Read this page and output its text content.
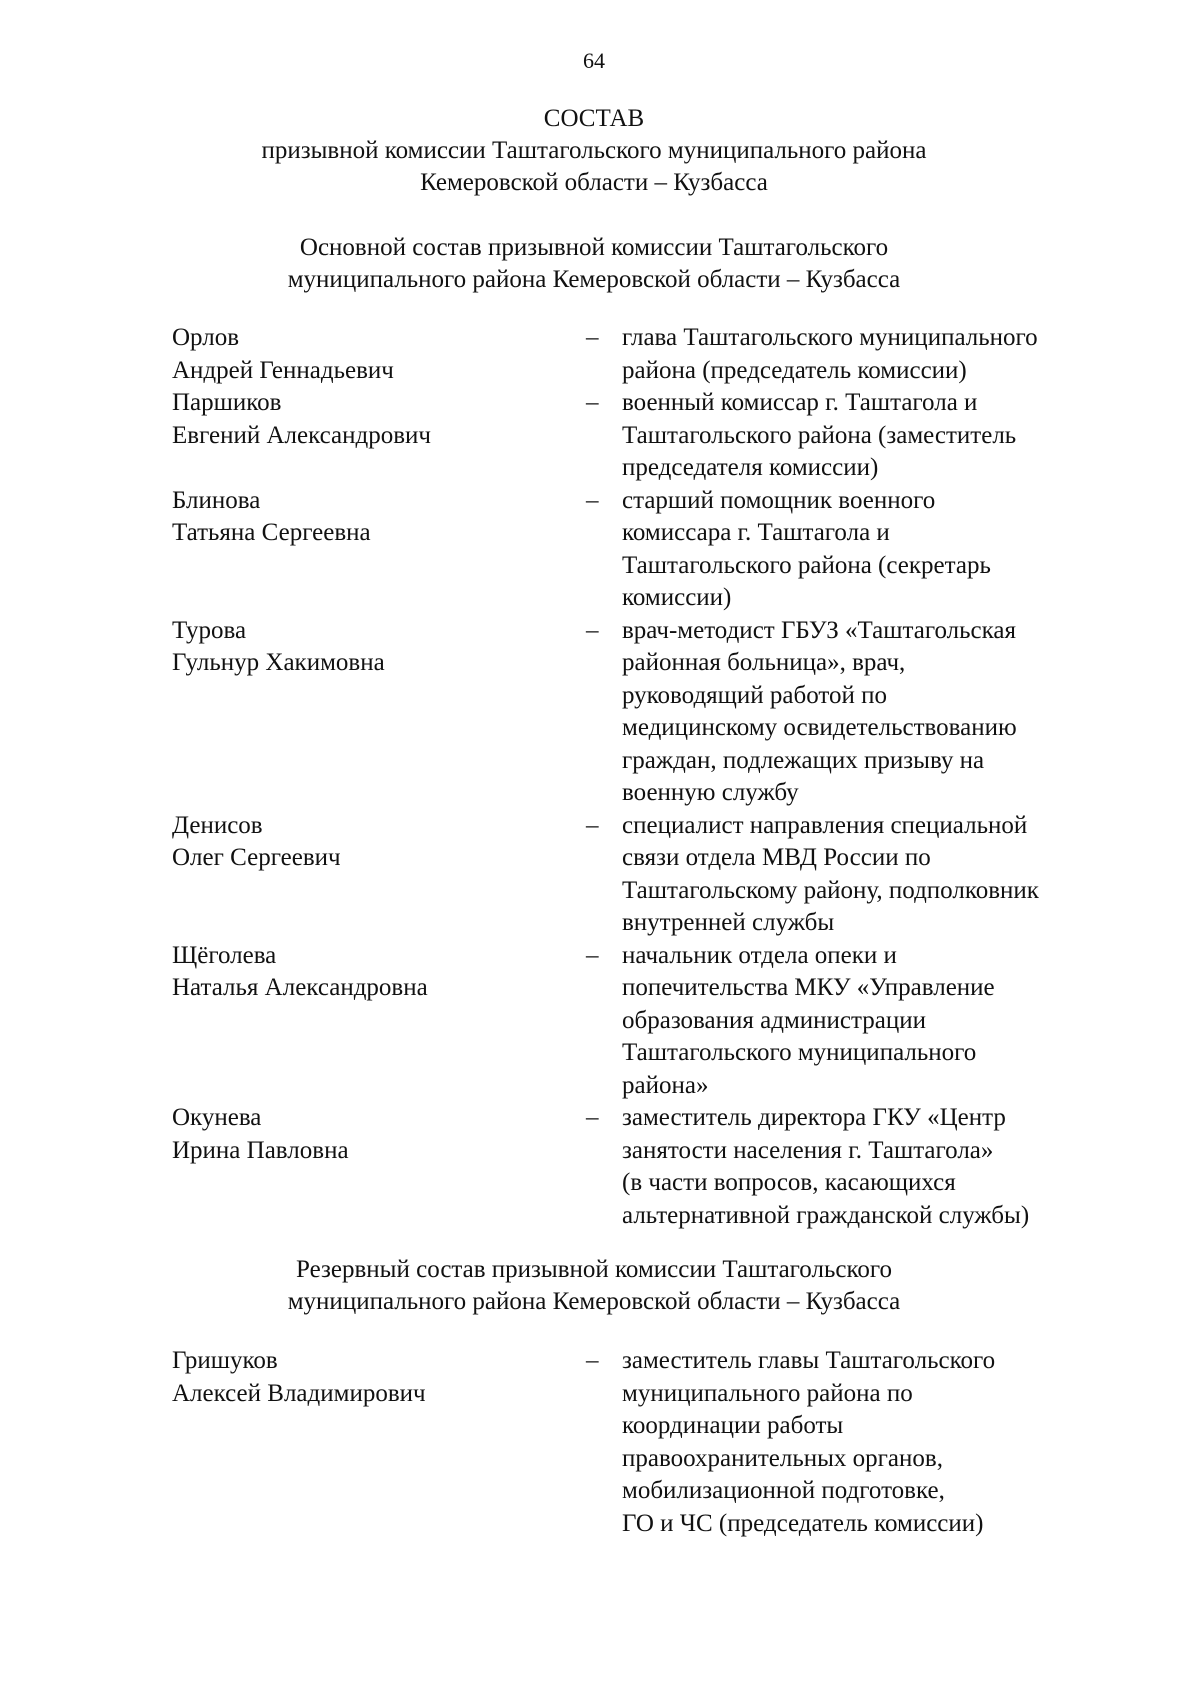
64
СОСТАВ
призывной комиссии Таштагольского муниципального района
Кемеровской области – Кузбасса
Основной состав призывной комиссии Таштагольского
муниципального района Кемеровской области – Кузбасса
Орлов
Андрей Геннадьевич
– глава Таштагольского муниципального
района (председатель комиссии)
Паршиков
Евгений Александрович
– военный комиссар г. Таштагола и
Таштагольского района (заместитель
председателя комиссии)
Блинова
Татьяна Сергеевна
– старший помощник военного
комиссара г. Таштагола и
Таштагольского района (секретарь
комиссии)
Турова
Гульнур Хакимовна
– врач-методист ГБУЗ «Таштагольская
районная больница», врач,
руководящий работой по
медицинскому освидетельствованию
граждан, подлежащих призыву на
военную службу
Денисов
Олег Сергеевич
– специалист направления специальной
связи отдела МВД России по
Таштагольскому району, подполковник
внутренней службы
Щёголева
Наталья Александровна
– начальник отдела опеки и
попечительства МКУ «Управление
образования администрации
Таштагольского муниципального
района»
Окунева
Ирина Павловна
– заместитель директора ГКУ «Центр
занятости населения г. Таштагола»
(в части вопросов, касающихся
альтернативной гражданской службы)
Резервный состав призывной комиссии Таштагольского
муниципального района Кемеровской области – Кузбасса
Гришуков
Алексей Владимирович
– заместитель главы Таштагольского
муниципального района по
координации работы
правоохранительных органов,
мобилизационной подготовке,
ГО и ЧС (председатель комиссии)
